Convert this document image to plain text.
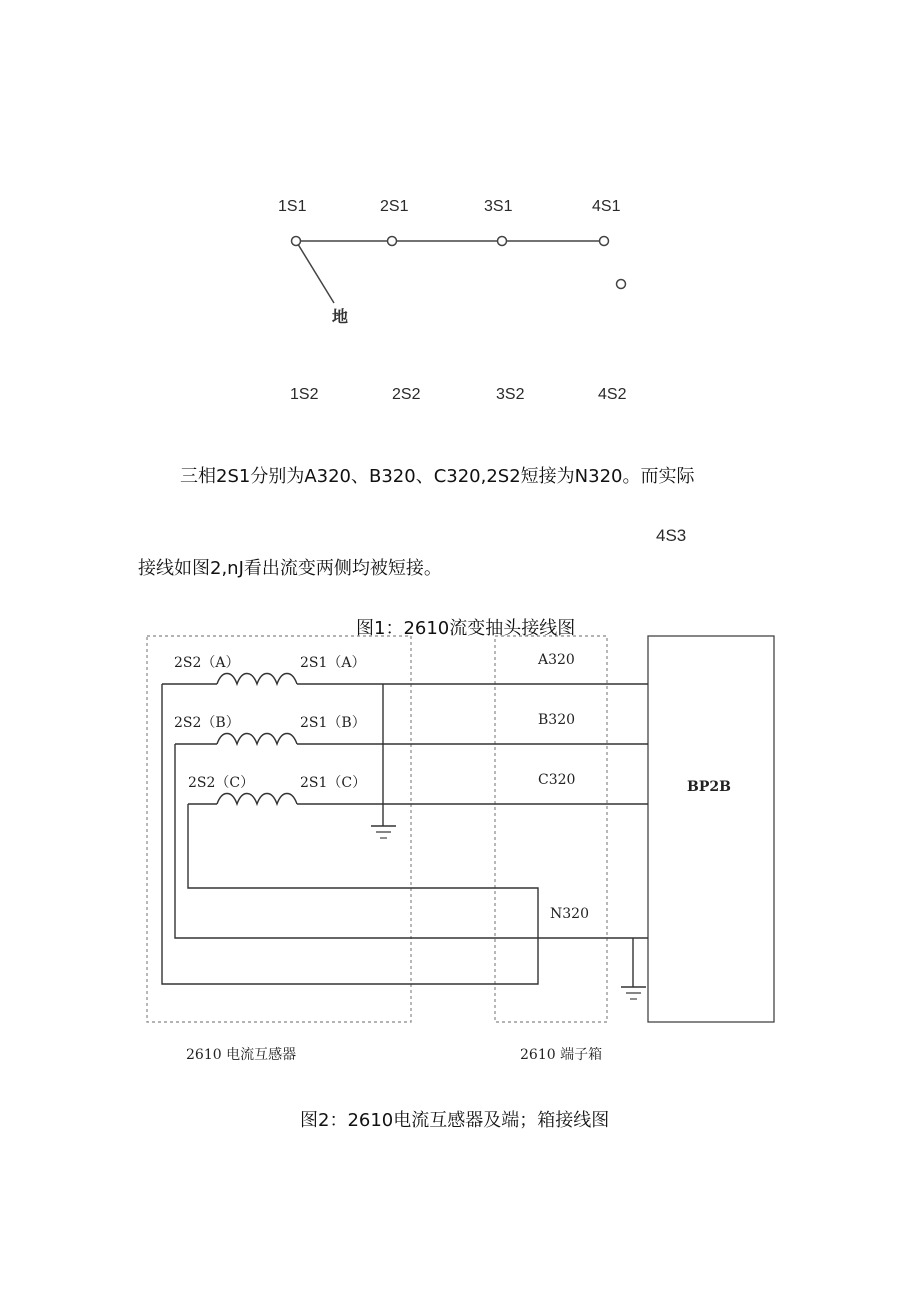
1S1	2S1	3S1	4S1
地
1S2	2S2	3S2	4S2

三相2S1分别为A320、B320、C320,2S2短接为N320。而实际

4S3

接线如图2,nJ看出流变两侧均被短接。

图1：2610流变抽头接线图

2S2（A）	2S1（A）
2S2（B）	2S1（B）
2S2（C）	2S1（C）
A320
B320
C320
N320
BP2B
2610 电流互感器	2610 端子箱

图2：2610电流互感器及端；箱接线图
